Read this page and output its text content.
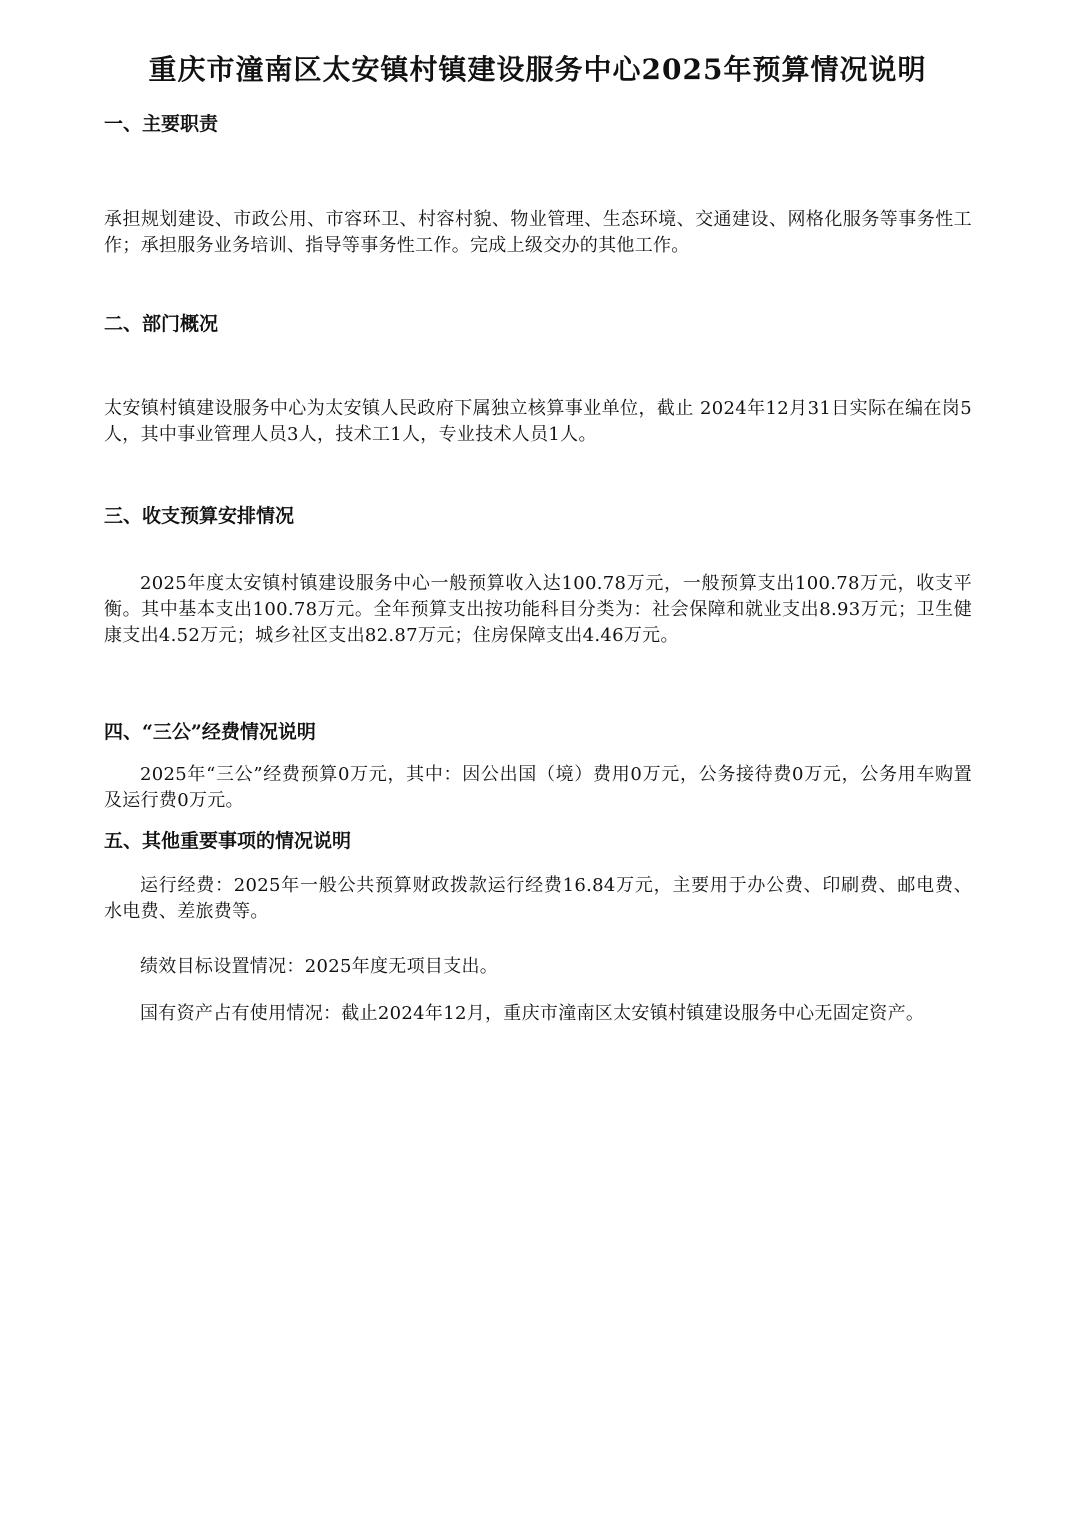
重庆市潼南区太安镇村镇建设服务中心2025年预算情况说明
一、主要职责

承担规划建设、市政公用、市容环卫、村容村貌、物业管理、生态环境、交通建设、网格化服务等事务性工作；承担服务业务培训、指导等事务性工作。完成上级交办的其他工作。

二、部门概况

太安镇村镇建设服务中心为太安镇人民政府下属独立核算事业单位，截止 2024年12月31日实际在编在岗5人，其中事业管理人员3人，技术工1人，专业技术人员1人。

三、收支预算安排情况

2025年度太安镇村镇建设服务中心一般预算收入达100.78万元，一般预算支出100.78万元，收支平衡。其中基本支出100.78万元。全年预算支出按功能科目分类为：社会保障和就业支出8.93万元；卫生健康支出4.52万元；城乡社区支出82.87万元；住房保障支出4.46万元。

四、“三公”经费情况说明

2025年“三公”经费预算0万元，其中：因公出国（境）费用0万元，公务接待费0万元，公务用车购置及运行费0万元。

五、其他重要事项的情况说明

运行经费：2025年一般公共预算财政拨款运行经费16.84万元，主要用于办公费、印刷费、邮电费、水电费、差旅费等。

绩效目标设置情况：2025年度无项目支出。

国有资产占有使用情况：截止2024年12月，重庆市潼南区太安镇村镇建设服务中心无固定资产。
